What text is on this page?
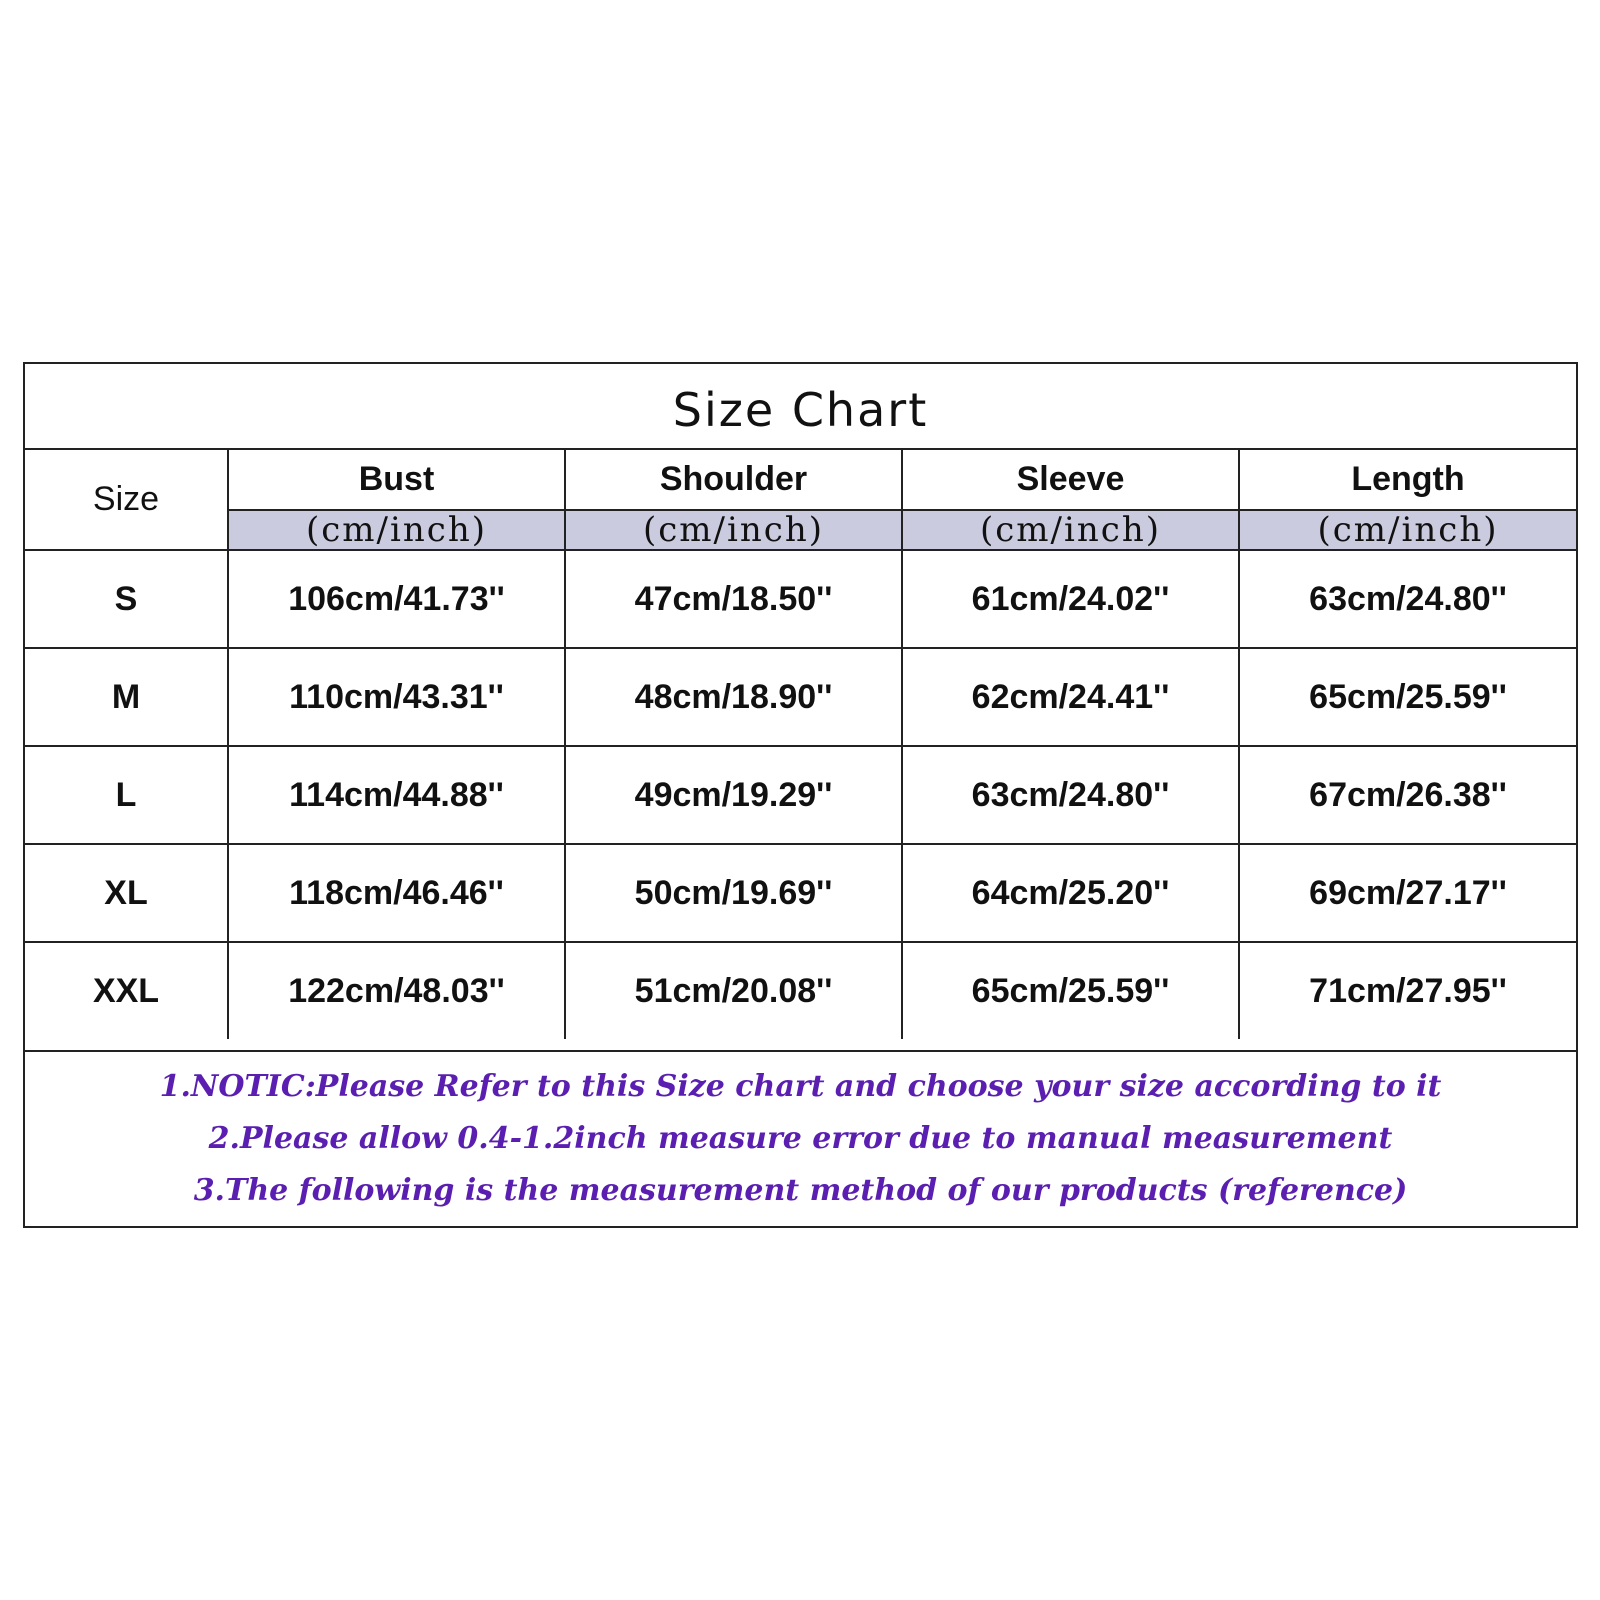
Size Chart
Size	Bust	Shoulder	Sleeve	Length
	(cm/inch)	(cm/inch)	(cm/inch)	(cm/inch)
S	106cm/41.73''	47cm/18.50''	61cm/24.02''	63cm/24.80''
M	110cm/43.31''	48cm/18.90''	62cm/24.41''	65cm/25.59''
L	114cm/44.88''	49cm/19.29''	63cm/24.80''	67cm/26.38''
XL	118cm/46.46''	50cm/19.69''	64cm/25.20''	69cm/27.17''
XXL	122cm/48.03''	51cm/20.08''	65cm/25.59''	71cm/27.95''
1.NOTIC:Please Refer to this Size chart and choose your size according to it
2.Please allow 0.4-1.2inch measure error due to manual measurement
3.The following is the measurement method of our products (reference)
